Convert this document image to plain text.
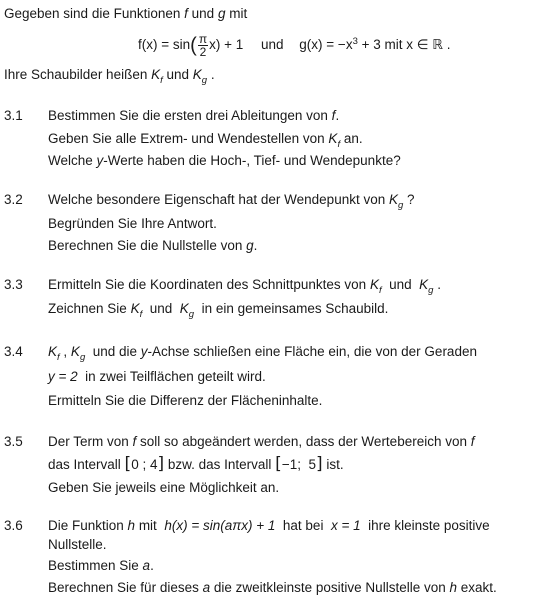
Gegeben sind die Funktionen f und g mit
$f(x) = \sin( \frac{\pi}{2} x) + 1$ und $g(x) = -x^3 + 3$ mit x ∈ ℝ .
Ihre Schaubilder heißen $K_f$ und $K_g$ .
3.1 Bestimmen Sie die ersten drei Ableitungen von f.
Geben Sie alle Extrem- und Wendestellen von $K_f$ an.
Welche y-Werte haben die Hoch-, Tief- und Wendepunkte?
3.2 Welche besondere Eigenschaft hat der Wendepunkt von $K_g$ ?
Begründen Sie Ihre Antwort.
Berechnen Sie die Nullstelle von g.
3.3 Ermitteln Sie die Koordinaten des Schnittpunktes von $K_f$  und  $K_g$ .
Zeichnen Sie $K_f$  und  $K_g$  in ein gemeinsames Schaubild.
3.4 $K_f$ , $K_g$  und die y-Achse schließen eine Fläche ein, die von der Geraden
y = 2  in zwei Teilflächen geteilt wird.
Ermitteln Sie die Differenz der Flächeninhalte.
3.5 Der Term von f soll so abgeändert werden, dass der Wertebereich von f
das Intervall [0 ; 4] bzw. das Intervall [−1;  5] ist.
Geben Sie jeweils eine Möglichkeit an.
3.6 Die Funktion h mit  h(x) = sin(aπx) + 1  hat bei  x = 1  ihre kleinste positive
Nullstelle.
Bestimmen Sie a.
Berechnen Sie für dieses a die zweitkleinste positive Nullstelle von h exakt.
